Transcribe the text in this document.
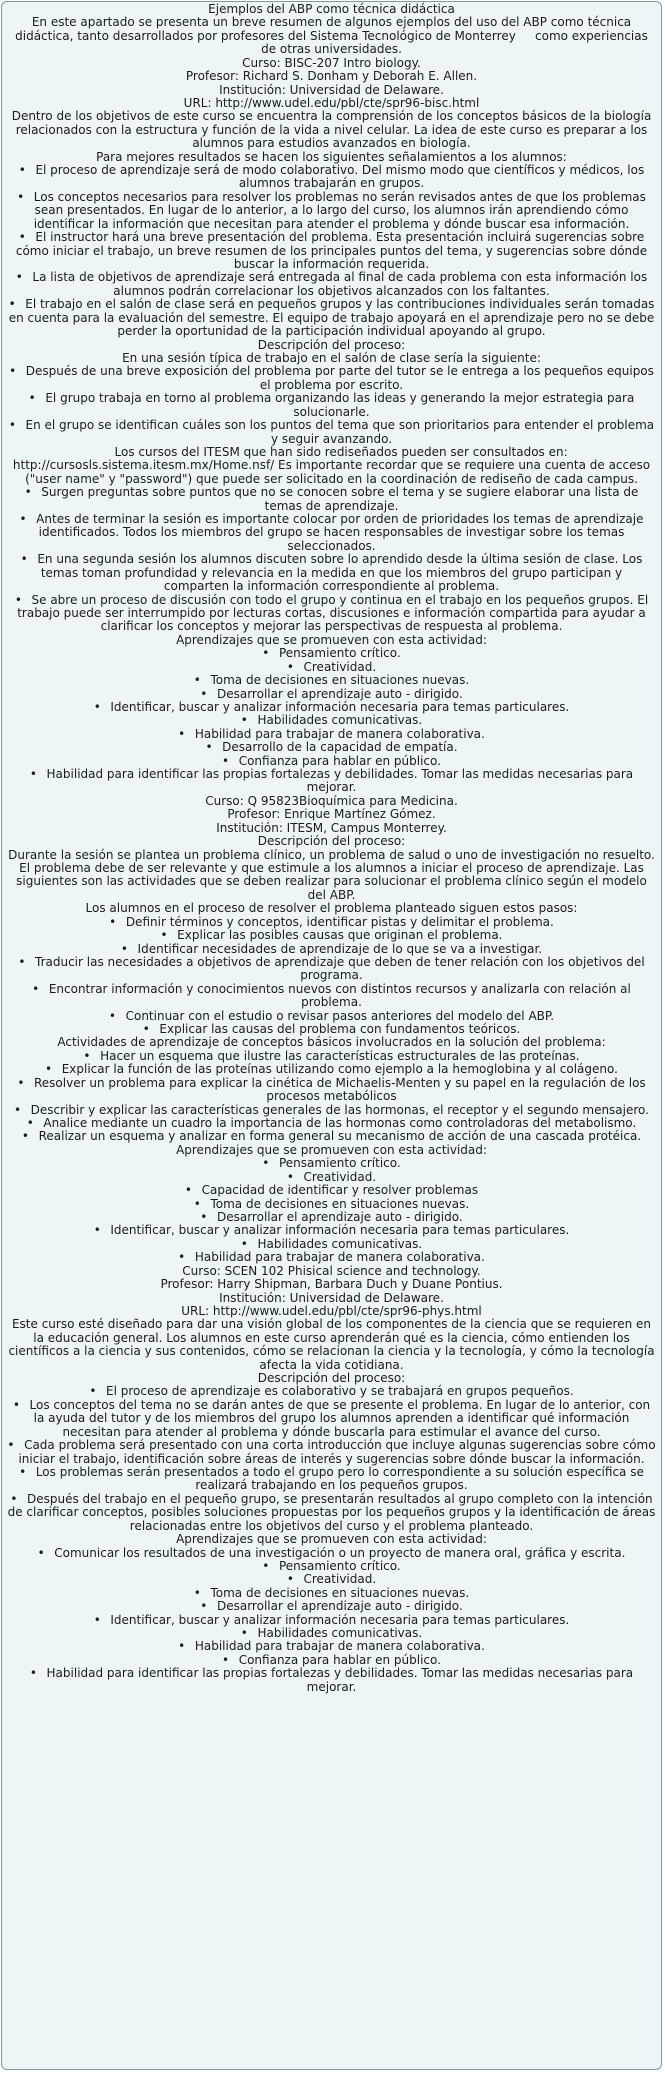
Ejemplos del ABP como técnica didáctica
En este apartado se presenta un breve resumen de algunos ejemplos del uso del ABP como técnica didáctica, tanto desarrollados por profesores del Sistema Tecnológico de Monterreycomo experiencias de otras universidades.
Curso: BISC-207 Intro biology.
Profesor: Richard S. Donham y Deborah E. Allen.
Institución: Universidad de Delaware.
URL: http://www.udel.edu/pbl/cte/spr96-bisc.html
Dentro de los objetivos de este curso se encuentra la comprensión de los conceptos básicos de la biología relacionados con la estructura y función de la vida a nivel celular. La idea de este curso es preparar a los alumnos para estudios avanzados en biología.
Para mejores resultados se hacen los siguientes señalamientos a los alumnos:
•El proceso de aprendizaje será de modo colaborativo. Del mismo modo que científicos y médicos, los alumnos trabajarán en grupos.
•Los conceptos necesarios para resolver los problemas no serán revisados antes de que los problemas sean presentados. En lugar de lo anterior, a lo largo del curso, los alumnos irán aprendiendo cómo identificar la información que necesitan para atender el problema y dónde buscar esa información.
•El instructor hará una breve presentación del problema. Esta presentación incluirá sugerencias sobre cómo iniciar el trabajo, un breve resumen de los principales puntos del tema, y sugerencias sobre dónde buscar la información requerida.
•La lista de objetivos de aprendizaje será entregada al final de cada problema con esta información los alumnos podrán correlacionar los objetivos alcanzados con los faltantes.
•El trabajo en el salón de clase será en pequeños grupos y las contribuciones individuales serán tomadas en cuenta para la evaluación del semestre. El equipo de trabajo apoyará en el aprendizaje pero no se debe perder la oportunidad de la participación individual apoyando al grupo.
Descripción del proceso:
En una sesión típica de trabajo en el salón de clase sería la siguiente:
•Después de una breve exposición del problema por parte del tutor se le entrega a los pequeños equipos el problema por escrito.
•El grupo trabaja en torno al problema organizando las ideas y generando la mejor estrategia para solucionarle.
•En el grupo se identifican cuáles son los puntos del tema que son prioritarios para entender el problema y seguir avanzando.
Los cursos del ITESM que han sido rediseñados pueden ser consultados en: http://cursosls.sistema.itesm.mx/Home.nsf/ Es importante recordar que se requiere una cuenta de acceso ("user name" y "password") que puede ser solicitado en la coordinación de rediseño de cada campus.
•Surgen preguntas sobre puntos que no se conocen sobre el tema y se sugiere elaborar una lista de temas de aprendizaje.
•Antes de terminar la sesión es importante colocar por orden de prioridades los temas de aprendizaje identificados. Todos los miembros del grupo se hacen responsables de investigar sobre los temas seleccionados.
•En una segunda sesión los alumnos discuten sobre lo aprendido desde la última sesión de clase. Los temas toman profundidad y relevancia en la medida en que los miembros del grupo participan y comparten la información correspondiente al problema.
•Se abre un proceso de discusión con todo el grupo y continua en el trabajo en los pequeños grupos. El trabajo puede ser interrumpido por lecturas cortas, discusiones e información compartida para ayudar a clarificar los conceptos y mejorar las perspectivas de respuesta al problema.
Aprendizajes que se promueven con esta actividad:
•Pensamiento crítico.
•Creatividad.
•Toma de decisiones en situaciones nuevas.
•Desarrollar el aprendizaje auto - dirigido.
•Identificar, buscar y analizar información necesaria para temas particulares.
•Habilidades comunicativas.
•Habilidad para trabajar de manera colaborativa.
•Desarrollo de la capacidad de empatía.
•Confianza para hablar en público.
•Habilidad para identificar las propias fortalezas y debilidades. Tomar las medidas necesarias para mejorar.
Curso: Q 95823Bioquímica para Medicina.
Profesor: Enrique Martínez Gómez.
Institución: ITESM, Campus Monterrey.
Descripción del proceso:
Durante la sesión se plantea un problema clínico, un problema de salud o uno de investigación no resuelto. El problema debe de ser relevante y que estimule a los alumnos a iniciar el proceso de aprendizaje. Las siguientes son las actividades que se deben realizar para solucionar el problema clínico según el modelo del ABP.
Los alumnos en el proceso de resolver el problema planteado siguen estos pasos:
•Definir términos y conceptos, identificar pistas y delimitar el problema.
•Explicar las posibles causas que originan el problema.
•Identificar necesidades de aprendizaje de lo que se va a investigar.
•Traducir las necesidades a objetivos de aprendizaje que deben de tener relación con los objetivos del programa.
•Encontrar información y conocimientos nuevos con distintos recursos y analizarla con relación al problema.
•Continuar con el estudio o revisar pasos anteriores del modelo del ABP.
•Explicar las causas del problema con fundamentos teóricos.
Actividades de aprendizaje de conceptos básicos involucrados en la solución del problema:
•Hacer un esquema que ilustre las características estructurales de las proteínas.
•Explicar la función de las proteínas utilizando como ejemplo a la hemoglobina y al colágeno.
•Resolver un problema para explicar la cinética de Michaelis-Menten y su papel en la regulación de los procesos metabólicos
•Describir y explicar las características generales de las hormonas, el receptor y el segundo mensajero.
•Analice mediante un cuadro la importancia de las hormonas como controladoras del metabolismo.
•Realizar un esquema y analizar en forma general su mecanismo de acción de una cascada protéica.
Aprendizajes que se promueven con esta actividad:
•Pensamiento crítico.
•Creatividad.
•Capacidad de identificar y resolver problemas
•Toma de decisiones en situaciones nuevas.
•Desarrollar el aprendizaje auto - dirigido.
•Identificar, buscar y analizar información necesaria para temas particulares.
•Habilidades comunicativas.
•Habilidad para trabajar de manera colaborativa.
Curso: SCEN 102 Phisical science and technology.
Profesor: Harry Shipman, Barbara Duch y Duane Pontius.
Institución: Universidad de Delaware.
URL: http://www.udel.edu/pbl/cte/spr96-phys.html
Este curso esté diseñado para dar una visión global de los componentes de la ciencia que se requieren en la educación general. Los alumnos en este curso aprenderán qué es la ciencia, cómo entienden los científicos a la ciencia y sus contenidos, cómo se relacionan la ciencia y la tecnología, y cómo la tecnología afecta la vida cotidiana.
Descripción del proceso:
•El proceso de aprendizaje es colaborativo y se trabajará en grupos pequeños.
•Los conceptos del tema no se darán antes de que se presente el problema. En lugar de lo anterior, con la ayuda del tutor y de los miembros del grupo los alumnos aprenden a identificar qué información necesitan para atender al problema y dónde buscarla para estimular el avance del curso.
•Cada problema será presentado con una corta introducción que incluye algunas sugerencias sobre cómo iniciar el trabajo, identificación sobre áreas de interés y sugerencias sobre dónde buscar la información.
•Los problemas serán presentados a todo el grupo pero lo correspondiente a su solución específica se realizará trabajando en los pequeños grupos.
•Después del trabajo en el pequeño grupo, se presentarán resultados al grupo completo con la intención de clarificar conceptos, posibles soluciones propuestas por los pequeños grupos y la identificación de áreas relacionadas entre los objetivos del curso y el problema planteado.
Aprendizajes que se promueven con esta actividad:
•Comunicar los resultados de una investigación o un proyecto de manera oral, gráfica y escrita.
•Pensamiento crítico.
•Creatividad.
•Toma de decisiones en situaciones nuevas.
•Desarrollar el aprendizaje auto - dirigido.
•Identificar, buscar y analizar información necesaria para temas particulares.
•Habilidades comunicativas.
•Habilidad para trabajar de manera colaborativa.
•Confianza para hablar en público.
•Habilidad para identificar las propias fortalezas y debilidades. Tomar las medidas necesarias para mejorar.
